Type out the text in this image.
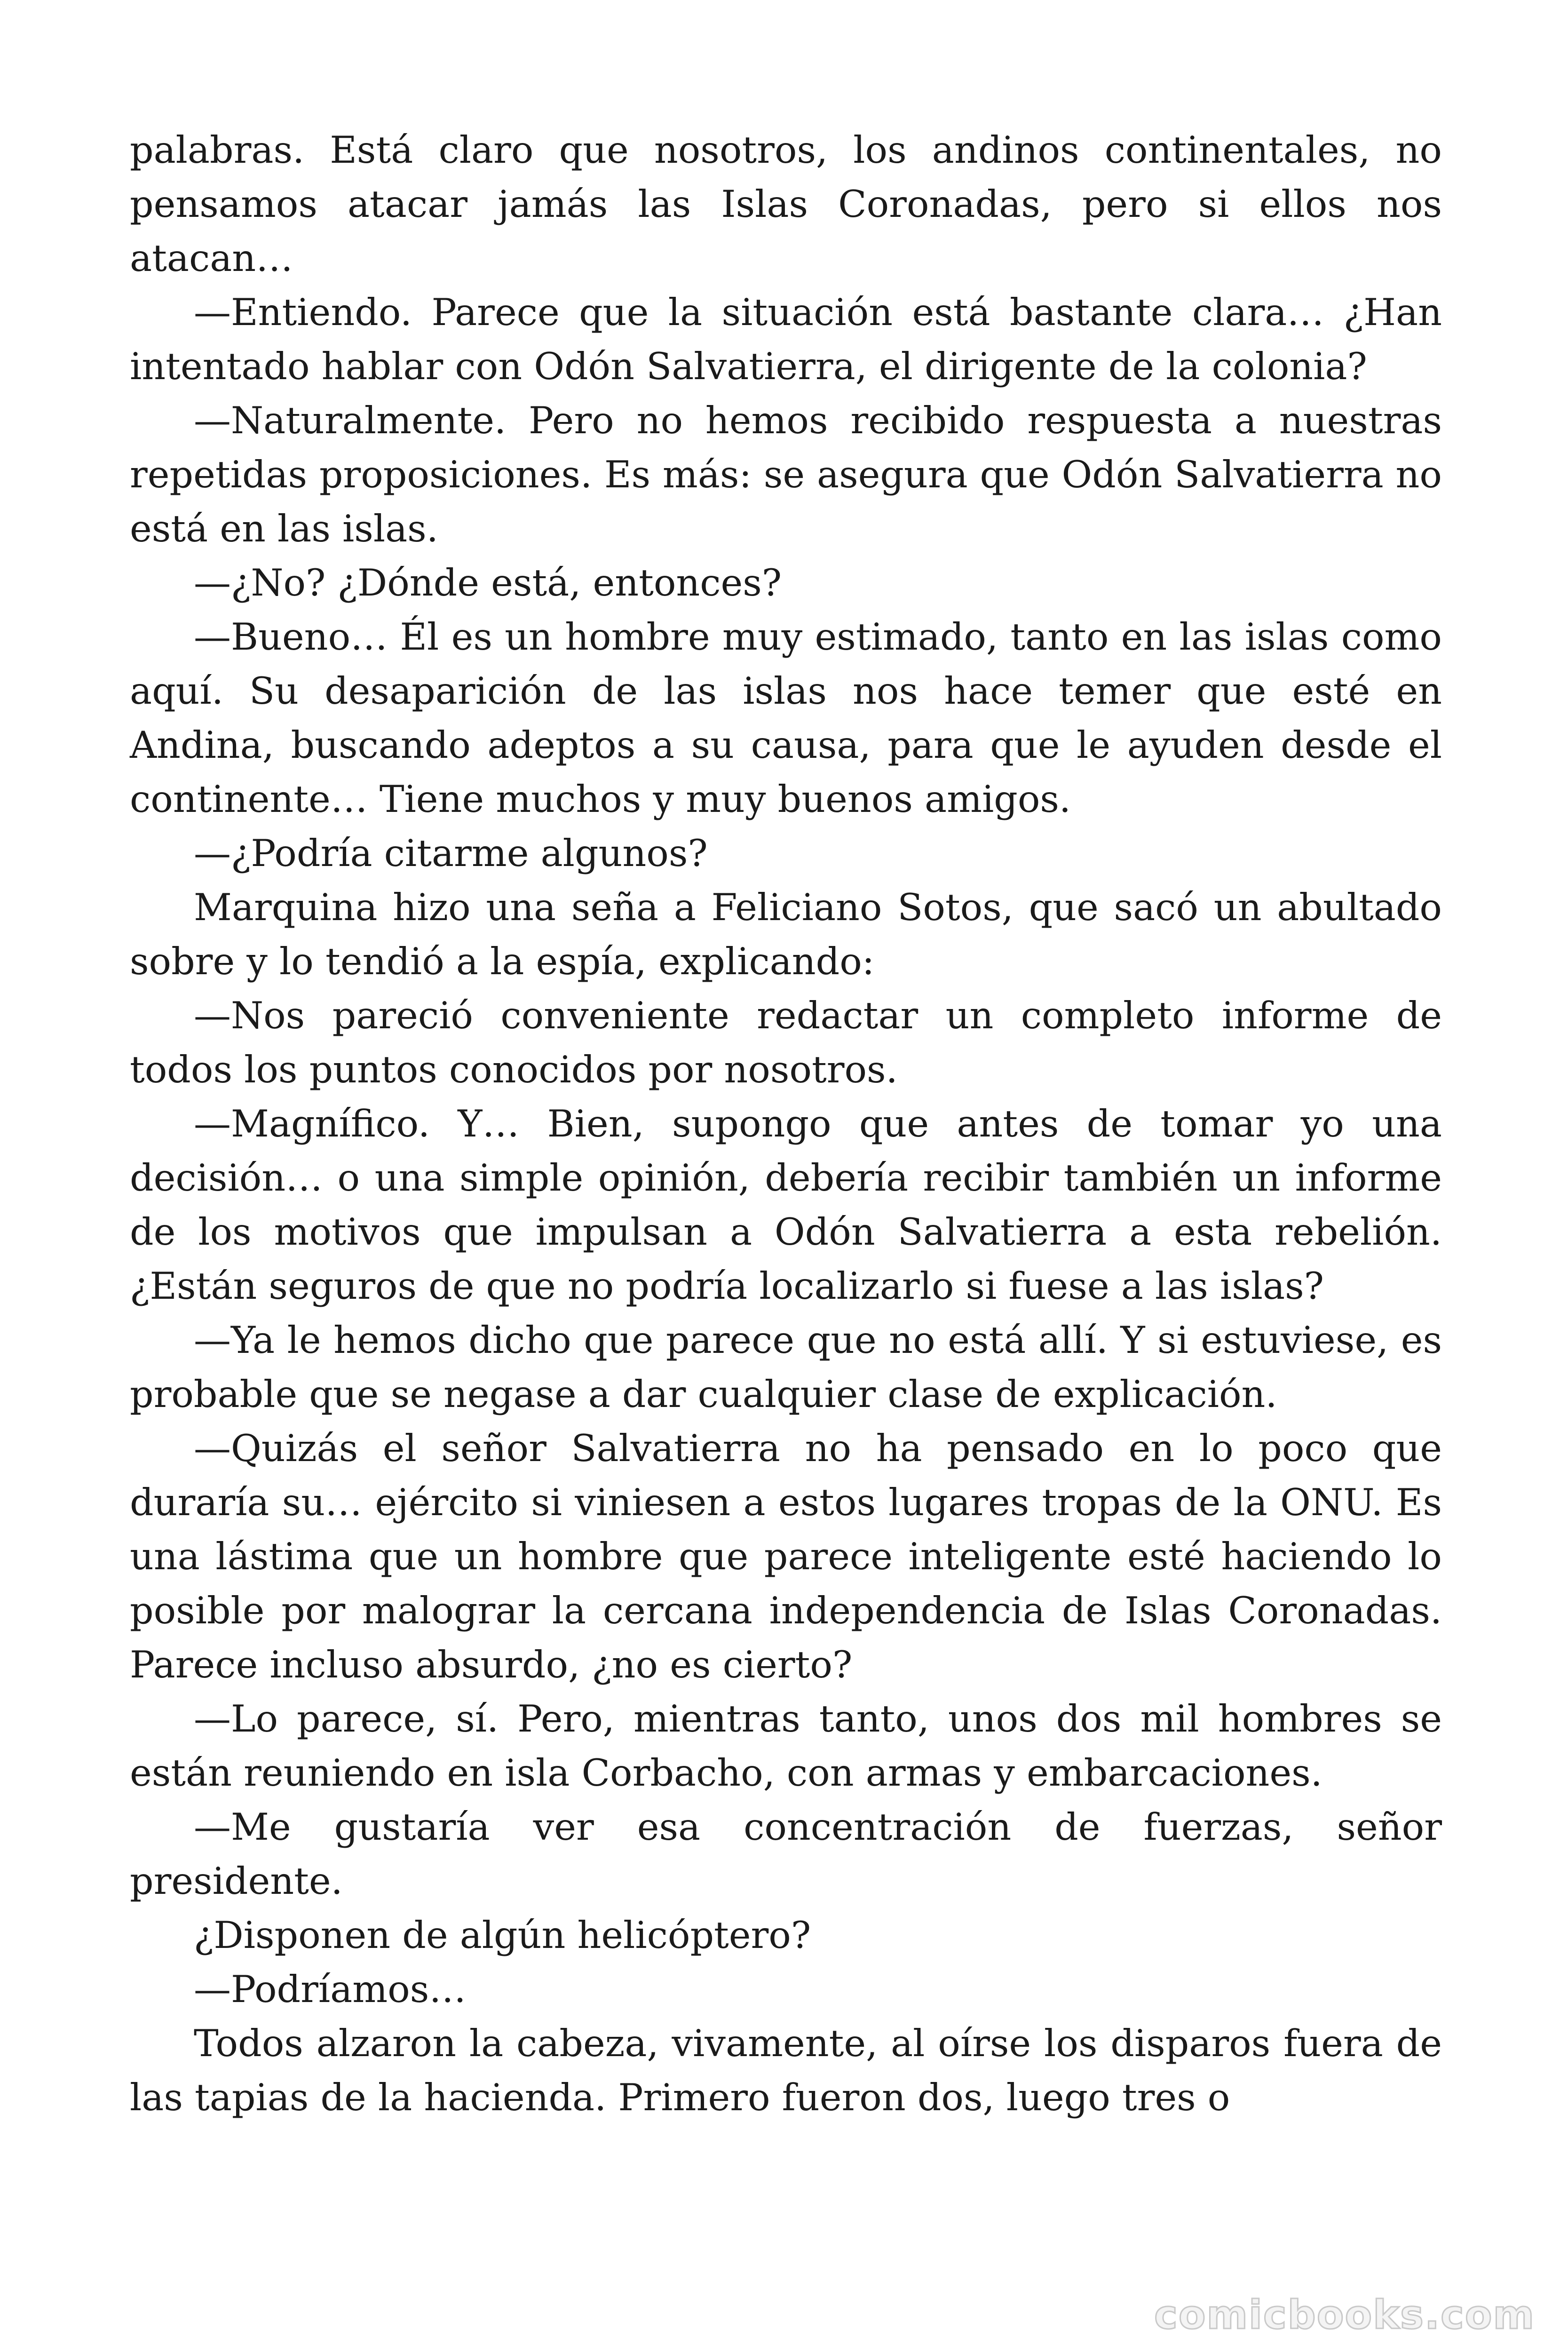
palabras. Está claro que nosotros, los andinos continentales, no pensamos atacar jamás las Islas Coronadas, pero si ellos nos atacan…

—Entiendo. Parece que la situación está bastante clara… ¿Han intentado hablar con Odón Salvatierra, el dirigente de la colonia?

—Naturalmente. Pero no hemos recibido respuesta a nuestras repetidas proposiciones. Es más: se asegura que Odón Salvatierra no está en las islas.

—¿No? ¿Dónde está, entonces?

—Bueno… Él es un hombre muy estimado, tanto en las islas como aquí. Su desaparición de las islas nos hace temer que esté en Andina, buscando adeptos a su causa, para que le ayuden desde el continente… Tiene muchos y muy buenos amigos.

—¿Podría citarme algunos?

Marquina hizo una seña a Feliciano Sotos, que sacó un abultado sobre y lo tendió a la espía, explicando:

—Nos pareció conveniente redactar un completo informe de todos los puntos conocidos por nosotros.

—Magnífico. Y… Bien, supongo que antes de tomar yo una decisión… o una simple opinión, debería recibir también un informe de los motivos que impulsan a Odón Salvatierra a esta rebelión. ¿Están seguros de que no podría localizarlo si fuese a las islas?

—Ya le hemos dicho que parece que no está allí. Y si estuviese, es probable que se negase a dar cualquier clase de explicación.

—Quizás el señor Salvatierra no ha pensado en lo poco que duraría su… ejército si viniesen a estos lugares tropas de la ONU. Es una lástima que un hombre que parece inteligente esté haciendo lo posible por malograr la cercana independencia de Islas Coronadas. Parece incluso absurdo, ¿no es cierto?

—Lo parece, sí. Pero, mientras tanto, unos dos mil hombres se están reuniendo en isla Corbacho, con armas y embarcaciones.

—Me gustaría ver esa concentración de fuerzas, señor presidente.

¿Disponen de algún helicóptero?

—Podríamos…

Todos alzaron la cabeza, vivamente, al oírse los disparos fuera de las tapias de la hacienda. Primero fueron dos, luego tres o

comicbooks.com
